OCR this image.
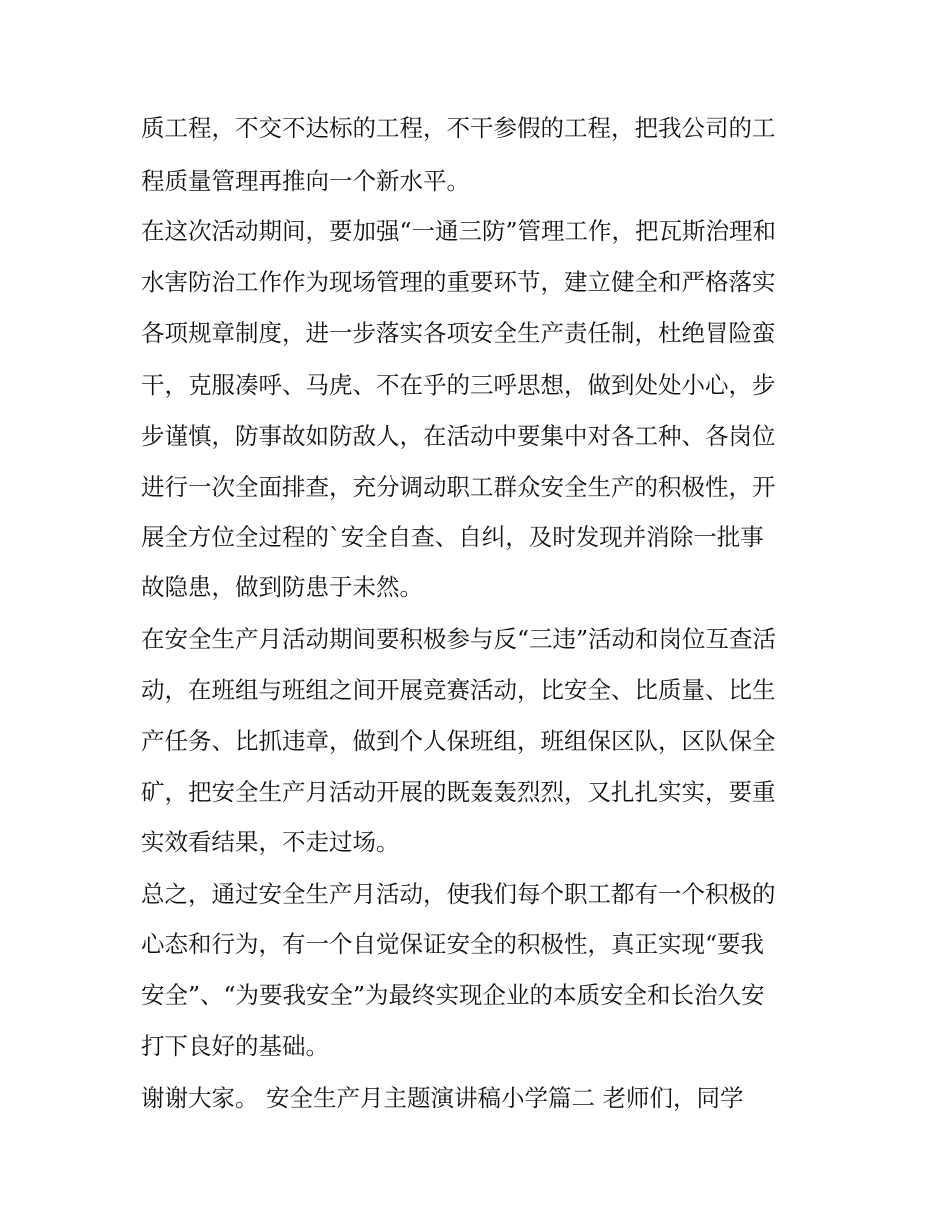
质工程，不交不达标的工程，不干参假的工程，把我公司的工
程质量管理再推向一个新水平。
在这次活动期间，要加强“一通三防”管理工作，把瓦斯治理和
水害防治工作作为现场管理的重要环节，建立健全和严格落实
各项规章制度，进一步落实各项安全生产责任制，杜绝冒险蛮
干，克服凑呼、马虎、不在乎的三呼思想，做到处处小心，步
步谨慎，防事故如防敌人，在活动中要集中对各工种、各岗位
进行一次全面排查，充分调动职工群众安全生产的积极性，开
展全方位全过程的`安全自查、自纠，及时发现并消除一批事
故隐患，做到防患于未然。
在安全生产月活动期间要积极参与反“三违”活动和岗位互查活
动，在班组与班组之间开展竞赛活动，比安全、比质量、比生
产任务、比抓违章，做到个人保班组，班组保区队，区队保全
矿，把安全生产月活动开展的既轰轰烈烈，又扎扎实实，要重
实效看结果，不走过场。
总之，通过安全生产月活动，使我们每个职工都有一个积极的
心态和行为，有一个自觉保证安全的积极性，真正实现“要我
安全”、“为要我安全”为最终实现企业的本质安全和长治久安
打下良好的基础。
谢谢大家。 安全生产月主题演讲稿小学篇二 老师们，同学
